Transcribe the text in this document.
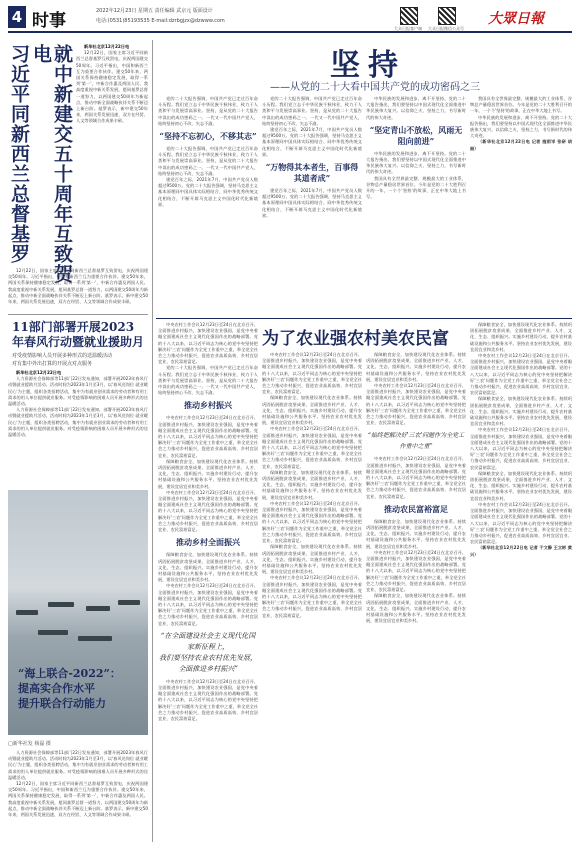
4 时事	2022年12月23日 星期五 责任编辑 武京元 版面设计
电话:(0531)85193535 E-mail:dzrbgjzx@dzwww.com
大众日报客户端 大众日报微信公众号
大眾日報
习近平同新西兰总督基罗	就中新建交五十周年互致贺电	新华社北京12月22日电

12月22日，国家主席习近平同新西兰总督基罗互致贺电，庆祝两国建交50周年。习近平指出，中国和新西兰互为重要合作伙伴。建交50年来，两国关系保持健康稳定发展，取得一系列'第一'，中新合作惠及两国人民。我高度重视中新关系发展，愿同基罗总督一道努力，以两国建交50周年为新起点，推动中新全面战略伙伴关系不断迈上新台阶。基罗表示，新中建交50年来，两国关系发展迅速，双方在经贸、人文等领域合作成果丰硕。

12月22日，国家主席习近平同新西兰总督基罗互致贺电，庆祝两国建交50周年。习近平指出，中国和新西兰互为重要合作伙伴。建交50年来，两国关系保持健康稳定发展，取得一系列'第一'，中新合作惠及两国人民。我高度重视中新关系发展，愿同基罗总督一道努力，以两国建交50周年为新起点，推动中新全面战略伙伴关系不断迈上新台阶。基罗表示，新中建交50年来，两国关系发展迅速，双方在经贸、人文等领域合作成果丰硕。

11部门部署开展2023年春风行动暨就业援助月
对受疫情影响人员开展多种形式的送温暖活动
对有集中外出打算的开展点对点服务

新华社北京12月22日电

人力资源社会保障部等11部门22日发布通知，部署开展2023年春风行动暨就业援助月活动。活动时间为2023年1月至3月，以'春风送岗位 就业暖民心'为主题，组织各类招聘活动，集中为有就业创业需求的劳动者和有用工需求的用人单位提供就业服务。对受疫情影响的困难人员开展多种形式的送温暖活动。

人力资源社会保障部等11部门22日发布通知，部署开展2023年春风行动暨就业援助月活动。活动时间为2023年1月至3月，以'春风送岗位 就业暖民心'为主题，组织各类招聘活动，集中为有就业创业需求的劳动者和有用工需求的用人单位提供就业服务。对受疫情影响的困难人员开展多种形式的送温暖活动。

“海上联合-2022”：
提高实合作水平
提升联合行动能力
□新华社发 杨磊 摄

人力资源社会保障部等11部门22日发布通知，部署开展2023年春风行动暨就业援助月活动。活动时间为2023年1月至3月，以'春风送岗位 就业暖民心'为主题，组织各类招聘活动，集中为有就业创业需求的劳动者和有用工需求的用人单位提供就业服务。对受疫情影响的困难人员开展多种形式的送温暖活动。

12月22日，国家主席习近平同新西兰总督基罗互致贺电，庆祝两国建交50周年。习近平指出，中国和新西兰互为重要合作伙伴。建交50年来，两国关系保持健康稳定发展，取得一系列'第一'，中新合作惠及两国人民。我高度重视中新关系发展，愿同基罗总督一道努力，以两国建交50周年为新起点，推动中新全面战略伙伴关系不断迈上新台阶。基罗表示，新中建交50年来，两国关系发展迅速，双方在经贸、人文等领域合作成果丰硕。

坚持
——从党的二十大看中国共产党的成功密码之三

党的二十大报告强调，中国共产党已走过百年奋斗历程。我们党立志于中华民族千秋伟业，致力于人类和平与发展崇高事业。坚持，是从党的二十大报告中读出的成功密码之一。一代又一代中国共产党人，始终坚持初心不改、矢志不渝。

“坚持不忘初心，不移其志”

党的二十大报告强调，中国共产党已走过百年奋斗历程。我们党立志于中华民族千秋伟业，致力于人类和平与发展崇高事业。坚持，是从党的二十大报告中读出的成功密码之一。一代又一代中国共产党人，始终坚持初心不改、矢志不渝。

建党百年之际，2021年7月，中国共产党员人数超过9500万。党的二十大报告强调，坚持马克思主义基本原理同中国具体实际相结合、同中华优秀传统文化相结合，不断开辟马克思主义中国化时代化新境界。

党的二十大报告强调，中国共产党已走过百年奋斗历程。我们党立志于中华民族千秋伟业，致力于人类和平与发展崇高事业。坚持，是从党的二十大报告中读出的成功密码之一。一代又一代中国共产党人，始终坚持初心不改、矢志不渝。

建党百年之际，2021年7月，中国共产党员人数超过9500万。党的二十大报告强调，坚持马克思主义基本原理同中国具体实际相结合、同中华优秀传统文化相结合，不断开辟马克思主义中国化时代化新境界。

“万物得其本者生，百事得其道者成”

建党百年之际，2021年7月，中国共产党员人数超过9500万。党的二十大报告强调，坚持马克思主义基本原理同中国具体实际相结合、同中华优秀传统文化相结合，不断开辟马克思主义中国化时代化新境界。

中华民族的发展和进步，离不开坚持。党的二十大报告指出，我们要坚持以中国式现代化全面推进中华民族伟大复兴。以信仰之火、坚持之力，书写新时代的伟大奇迹。

“坚定青山不放松，风雨无阻向前进”

中华民族的发展和进步，离不开坚持。党的二十大报告指出，我们要坚持以中国式现代化全面推进中华民族伟大复兴。以信仰之火、坚持之力，书写新时代的伟大奇迹。

我国具有全世界最完整、规模最大的工业体系，谷物总产量稳居世界首位。今年是党的二十大胜利召开的一年，一个个'坚持'的故事，正在中华大地上书写。

我国具有全世界最完整、规模最大的工业体系，谷物总产量稳居世界首位。今年是党的二十大胜利召开的一年，一个个'坚持'的故事，正在中华大地上书写。

中华民族的发展和进步，离不开坚持。党的二十大报告指出，我们要坚持以中国式现代化全面推进中华民族伟大复兴。以信仰之火、坚持之力，书写新时代的伟大奇迹。

（新华社北京12月22日电 记者 施雨岑 张研 胡喆）

中央农村工作会议12月23日至24日在北京召开。全面推进乡村振兴，加快建设农业强国，是党中央着眼全面建成社会主义现代化强国作出的战略部署。党的十八大以来，以习近平同志为核心的党中央坚持把解决好'三农'问题作为全党工作重中之重，举全党全社会之力推动乡村振兴，促进农业高质高效、乡村宜居宜业、农民富裕富足。

党的二十大报告强调，中国共产党已走过百年奋斗历程。我们党立志于中华民族千秋伟业，致力于人类和平与发展崇高事业。坚持，是从党的二十大报告中读出的成功密码之一。一代又一代中国共产党人，始终坚持初心不改、矢志不渝。

推动乡村振兴

中央农村工作会议12月23日至24日在北京召开。全面推进乡村振兴，加快建设农业强国，是党中央着眼全面建成社会主义现代化强国作出的战略部署。党的十八大以来，以习近平同志为核心的党中央坚持把解决好'三农'问题作为全党工作重中之重，举全党全社会之力推动乡村振兴，促进农业高质高效、乡村宜居宜业、农民富裕富足。

保障粮食安全，加快建设现代化农业体系。持续巩固拓展脱贫攻坚成果，全面推进乡村产业、人才、文化、生态、组织振兴。实施乡村建设行动，提升农村基础设施和公共服务水平。坚持农业农村优先发展，建设宜居宜业和美乡村。

中央农村工作会议12月23日至24日在北京召开。全面推进乡村振兴，加快建设农业强国，是党中央着眼全面建成社会主义现代化强国作出的战略部署。党的十八大以来，以习近平同志为核心的党中央坚持把解决好'三农'问题作为全党工作重中之重，举全党全社会之力推动乡村振兴，促进农业高质高效、乡村宜居宜业、农民富裕富足。

推动乡村全面振兴

保障粮食安全，加快建设现代化农业体系。持续巩固拓展脱贫攻坚成果，全面推进乡村产业、人才、文化、生态、组织振兴。实施乡村建设行动，提升农村基础设施和公共服务水平。坚持农业农村优先发展，建设宜居宜业和美乡村。

中央农村工作会议12月23日至24日在北京召开。全面推进乡村振兴，加快建设农业强国，是党中央着眼全面建成社会主义现代化强国作出的战略部署。党的十八大以来，以习近平同志为核心的党中央坚持把解决好'三农'问题作为全党工作重中之重，举全党全社会之力推动乡村振兴，促进农业高质高效、乡村宜居宜业、农民富裕富足。

“在全面建设社会主义现代化国家新征程上，
我们要坚持农业农村优先发展，
全面推进乡村振兴”

中央农村工作会议12月23日至24日在北京召开。全面推进乡村振兴，加快建设农业强国，是党中央着眼全面建成社会主义现代化强国作出的战略部署。党的十八大以来，以习近平同志为核心的党中央坚持把解决好'三农'问题作为全党工作重中之重，举全党全社会之力推动乡村振兴，促进农业高质高效、乡村宜居宜业、农民富裕富足。

为了农业强农村美农民富

中央农村工作会议12月23日至24日在北京召开。全面推进乡村振兴，加快建设农业强国，是党中央着眼全面建成社会主义现代化强国作出的战略部署。党的十八大以来，以习近平同志为核心的党中央坚持把解决好'三农'问题作为全党工作重中之重，举全党全社会之力推动乡村振兴，促进农业高质高效、乡村宜居宜业、农民富裕富足。

保障粮食安全，加快建设现代化农业体系。持续巩固拓展脱贫攻坚成果，全面推进乡村产业、人才、文化、生态、组织振兴。实施乡村建设行动，提升农村基础设施和公共服务水平。坚持农业农村优先发展，建设宜居宜业和美乡村。

中央农村工作会议12月23日至24日在北京召开。全面推进乡村振兴，加快建设农业强国，是党中央着眼全面建成社会主义现代化强国作出的战略部署。党的十八大以来，以习近平同志为核心的党中央坚持把解决好'三农'问题作为全党工作重中之重，举全党全社会之力推动乡村振兴，促进农业高质高效、乡村宜居宜业、农民富裕富足。

保障粮食安全，加快建设现代化农业体系。持续巩固拓展脱贫攻坚成果，全面推进乡村产业、人才、文化、生态、组织振兴。实施乡村建设行动，提升农村基础设施和公共服务水平。坚持农业农村优先发展，建设宜居宜业和美乡村。

中央农村工作会议12月23日至24日在北京召开。全面推进乡村振兴，加快建设农业强国，是党中央着眼全面建成社会主义现代化强国作出的战略部署。党的十八大以来，以习近平同志为核心的党中央坚持把解决好'三农'问题作为全党工作重中之重，举全党全社会之力推动乡村振兴，促进农业高质高效、乡村宜居宜业、农民富裕富足。

保障粮食安全，加快建设现代化农业体系。持续巩固拓展脱贫攻坚成果，全面推进乡村产业、人才、文化、生态、组织振兴。实施乡村建设行动，提升农村基础设施和公共服务水平。坚持农业农村优先发展，建设宜居宜业和美乡村。

中央农村工作会议12月23日至24日在北京召开。全面推进乡村振兴，加快建设农业强国，是党中央着眼全面建成社会主义现代化强国作出的战略部署。党的十八大以来，以习近平同志为核心的党中央坚持把解决好'三农'问题作为全党工作重中之重，举全党全社会之力推动乡村振兴，促进农业高质高效、乡村宜居宜业、农民富裕富足。

保障粮食安全，加快建设现代化农业体系。持续巩固拓展脱贫攻坚成果，全面推进乡村产业、人才、文化、生态、组织振兴。实施乡村建设行动，提升农村基础设施和公共服务水平。坚持农业农村优先发展，建设宜居宜业和美乡村。

中央农村工作会议12月23日至24日在北京召开。全面推进乡村振兴，加快建设农业强国，是党中央着眼全面建成社会主义现代化强国作出的战略部署。党的十八大以来，以习近平同志为核心的党中央坚持把解决好'三农'问题作为全党工作重中之重，举全党全社会之力推动乡村振兴，促进农业高质高效、乡村宜居宜业、农民富裕富足。

“始终把解决好'三农'问题作为全党工作重中之重”

中央农村工作会议12月23日至24日在北京召开。全面推进乡村振兴，加快建设农业强国，是党中央着眼全面建成社会主义现代化强国作出的战略部署。党的十八大以来，以习近平同志为核心的党中央坚持把解决好'三农'问题作为全党工作重中之重，举全党全社会之力推动乡村振兴，促进农业高质高效、乡村宜居宜业、农民富裕富足。

推动农民富裕富足

保障粮食安全，加快建设现代化农业体系。持续巩固拓展脱贫攻坚成果，全面推进乡村产业、人才、文化、生态、组织振兴。实施乡村建设行动，提升农村基础设施和公共服务水平。坚持农业农村优先发展，建设宜居宜业和美乡村。

中央农村工作会议12月23日至24日在北京召开。全面推进乡村振兴，加快建设农业强国，是党中央着眼全面建成社会主义现代化强国作出的战略部署。党的十八大以来，以习近平同志为核心的党中央坚持把解决好'三农'问题作为全党工作重中之重，举全党全社会之力推动乡村振兴，促进农业高质高效、乡村宜居宜业、农民富裕富足。

保障粮食安全，加快建设现代化农业体系。持续巩固拓展脱贫攻坚成果，全面推进乡村产业、人才、文化、生态、组织振兴。实施乡村建设行动，提升农村基础设施和公共服务水平。坚持农业农村优先发展，建设宜居宜业和美乡村。

保障粮食安全，加快建设现代化农业体系。持续巩固拓展脱贫攻坚成果，全面推进乡村产业、人才、文化、生态、组织振兴。实施乡村建设行动，提升农村基础设施和公共服务水平。坚持农业农村优先发展，建设宜居宜业和美乡村。

中央农村工作会议12月23日至24日在北京召开。全面推进乡村振兴，加快建设农业强国，是党中央着眼全面建成社会主义现代化强国作出的战略部署。党的十八大以来，以习近平同志为核心的党中央坚持把解决好'三农'问题作为全党工作重中之重，举全党全社会之力推动乡村振兴，促进农业高质高效、乡村宜居宜业、农民富裕富足。

保障粮食安全，加快建设现代化农业体系。持续巩固拓展脱贫攻坚成果，全面推进乡村产业、人才、文化、生态、组织振兴。实施乡村建设行动，提升农村基础设施和公共服务水平。坚持农业农村优先发展，建设宜居宜业和美乡村。

中央农村工作会议12月23日至24日在北京召开。全面推进乡村振兴，加快建设农业强国，是党中央着眼全面建成社会主义现代化强国作出的战略部署。党的十八大以来，以习近平同志为核心的党中央坚持把解决好'三农'问题作为全党工作重中之重，举全党全社会之力推动乡村振兴，促进农业高质高效、乡村宜居宜业、农民富裕富足。

保障粮食安全，加快建设现代化农业体系。持续巩固拓展脱贫攻坚成果，全面推进乡村产业、人才、文化、生态、组织振兴。实施乡村建设行动，提升农村基础设施和公共服务水平。坚持农业农村优先发展，建设宜居宜业和美乡村。

中央农村工作会议12月23日至24日在北京召开。全面推进乡村振兴，加快建设农业强国，是党中央着眼全面建成社会主义现代化强国作出的战略部署。党的十八大以来，以习近平同志为核心的党中央坚持把解决好'三农'问题作为全党工作重中之重，举全党全社会之力推动乡村振兴，促进农业高质高效、乡村宜居宜业、农民富裕富足。

（新华社北京12月22日电 记者 于文静 王立彬 黄兴）
